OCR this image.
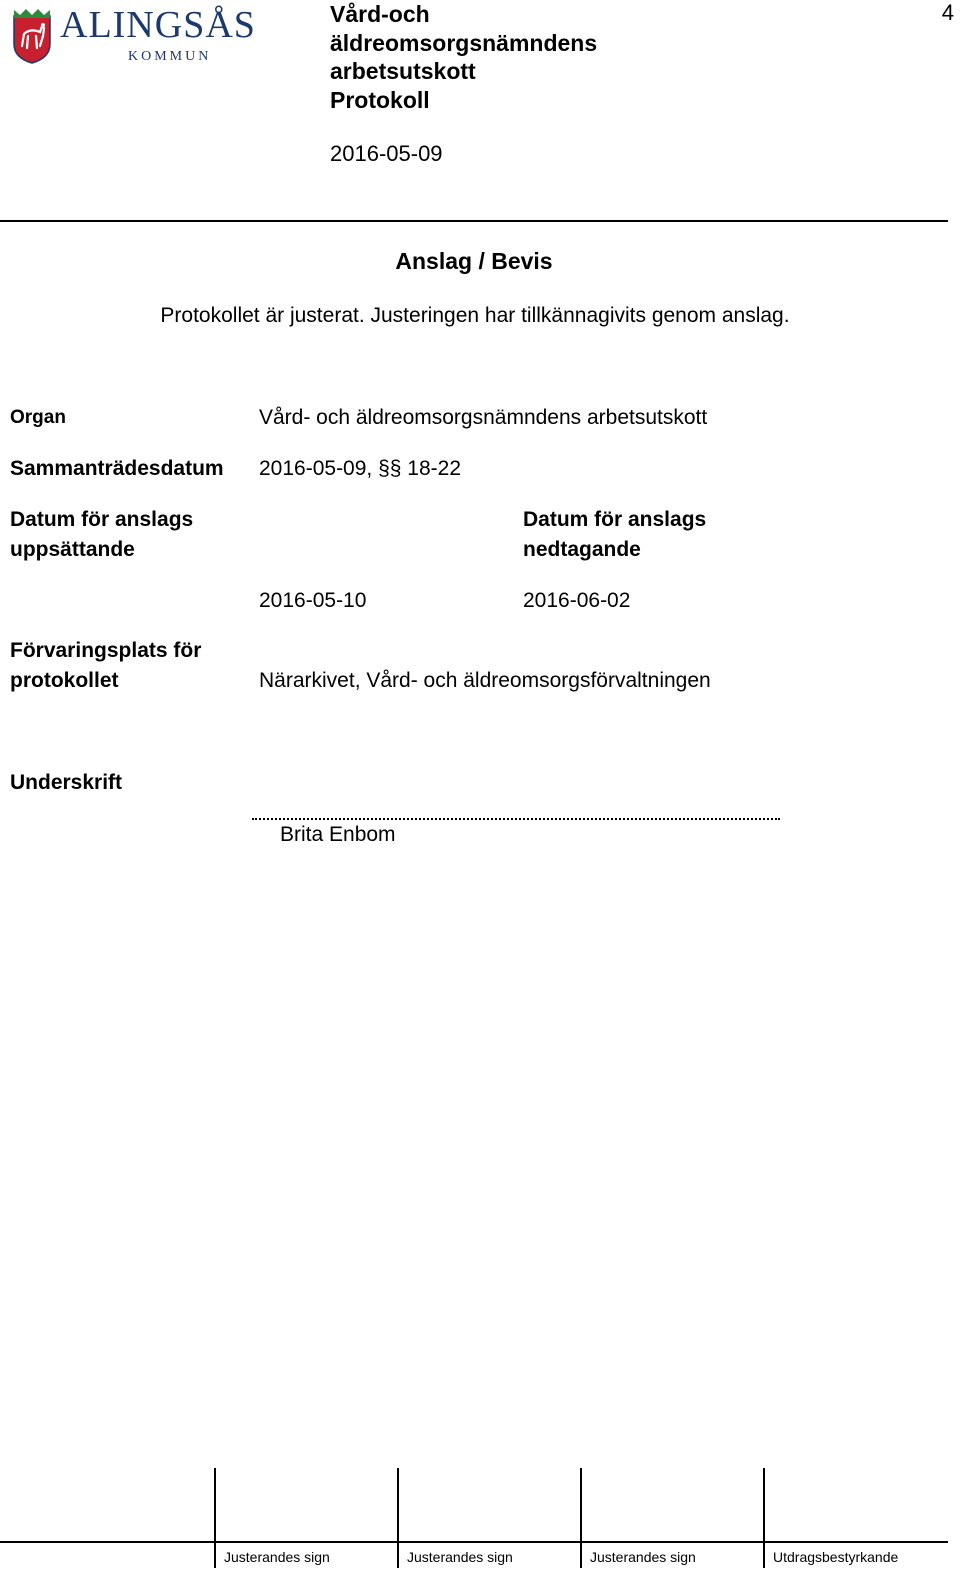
ALINGSÅS
KOMMUN
Vård-och
äldreomsorgsnämndens
arbetsutskott
Protokoll
2016-05-09
4
Anslag / Bevis
Protokollet är justerat. Justeringen har tillkännagivits genom anslag.
Organ	Vård- och äldreomsorgsnämndens arbetsutskott
Sammanträdesdatum 2016-05-09, §§ 18-22
Datum för anslags
uppsättande
Datum för anslags
nedtagande
2016-05-10	2016-06-02
Förvaringsplats för
protokollet	Närarkivet, Vård- och äldreomsorgsförvaltningen
Underskrift
Brita Enbom
Justerandes sign	Justerandes sign	Justerandes sign	Utdragsbestyrkande
